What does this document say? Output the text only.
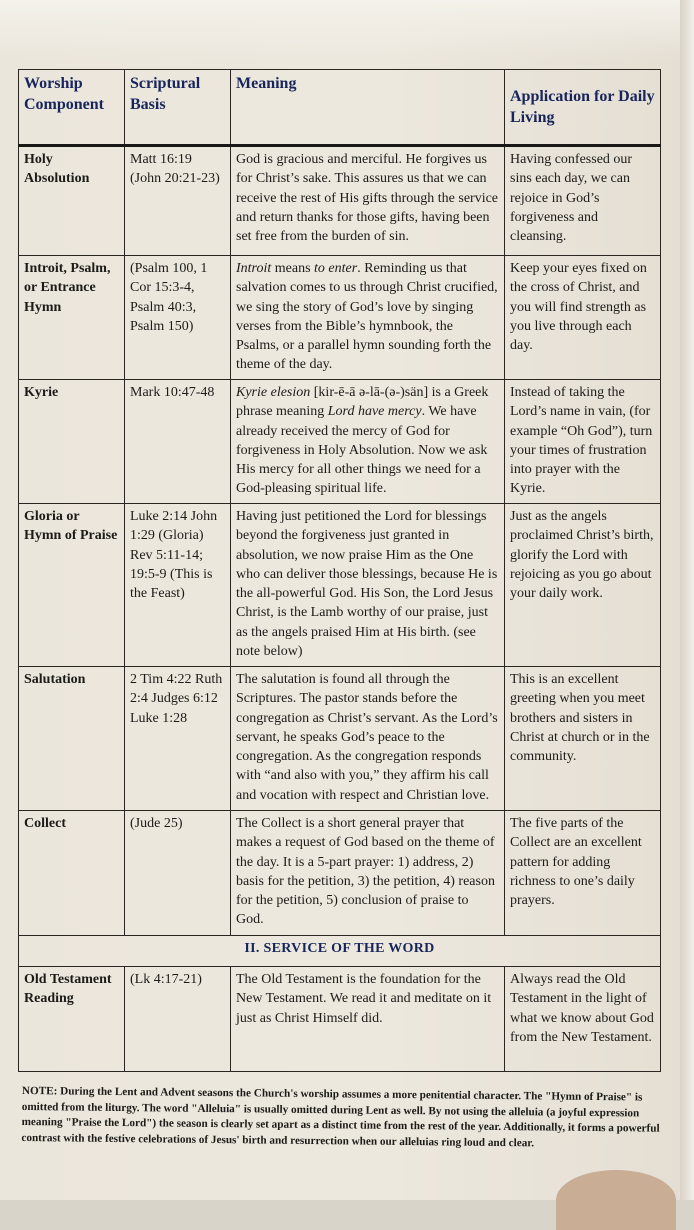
Worship Component	Scriptural Basis	Meaning	Application for Daily Living
Holy Absolution	Matt 16:19 (John 20:21-23)	God is gracious and merciful. He forgives us for Christ’s sake. This assures us that we can receive the rest of His gifts through the service and return thanks for those gifts, having been set free from the burden of sin.	Having confessed our sins each day, we can rejoice in God’s forgiveness and cleansing.
Introit, Psalm, or Entrance Hymn	(Psalm 100, 1 Cor 15:3-4, Psalm 40:3, Psalm 150)	Introit means to enter. Reminding us that salvation comes to us through Christ crucified, we sing the story of God’s love by singing verses from the Bible’s hymnbook, the Psalms, or a parallel hymn sounding forth the theme of the day.	Keep your eyes fixed on the cross of Christ, and you will find strength as you live through each day.
Kyrie	Mark 10:47-48	Kyrie elesion [kir-ē-ā ə-lā-(ə-)sän] is a Greek phrase meaning Lord have mercy. We have already received the mercy of God for forgiveness in Holy Absolution. Now we ask His mercy for all other things we need for a God-pleasing spiritual life.	Instead of taking the Lord’s name in vain, (for example “Oh God”), turn your times of frustration into prayer with the Kyrie.
Gloria or Hymn of Praise	Luke 2:14 John 1:29 (Gloria) Rev 5:11-14; 19:5-9 (This is the Feast)	Having just petitioned the Lord for blessings beyond the forgiveness just granted in absolution, we now praise Him as the One who can deliver those blessings, because He is the all-powerful God. His Son, the Lord Jesus Christ, is the Lamb worthy of our praise, just as the angels praised Him at His birth. (see note below)	Just as the angels proclaimed Christ’s birth, glorify the Lord with rejoicing as you go about your daily work.
Salutation	2 Tim 4:22 Ruth 2:4 Judges 6:12 Luke 1:28	The salutation is found all through the Scriptures. The pastor stands before the congregation as Christ’s servant. As the Lord’s servant, he speaks God’s peace to the congregation. As the congregation responds with “and also with you,” they affirm his call and vocation with respect and Christian love.	This is an excellent greeting when you meet brothers and sisters in Christ at church or in the community.
Collect	(Jude 25)	The Collect is a short general prayer that makes a request of God based on the theme of the day. It is a 5-part prayer: 1) address, 2) basis for the petition, 3) the petition, 4) reason for the petition, 5) conclusion of praise to God.	The five parts of the Collect are an excellent pattern for adding richness to one’s daily prayers.
II. SERVICE OF THE WORD			
Old Testament Reading	(Lk 4:17-21)	The Old Testament is the foundation for the New Testament. We read it and meditate on it just as Christ Himself did.	Always read the Old Testament in the light of what we know about God from the New Testament.
NOTE: During the Lent and Advent seasons the Church's worship assumes a more penitential character. The "Hymn of Praise" is omitted from the liturgy. The word "Alleluia" is usually omitted during Lent as well. By not using the alleluia (a joyful expression meaning "Praise the Lord") the season is clearly set apart as a distinct time from the rest of the year. Additionally, it forms a powerful contrast with the festive celebrations of Jesus' birth and resurrection when our alleluias ring loud and clear.
